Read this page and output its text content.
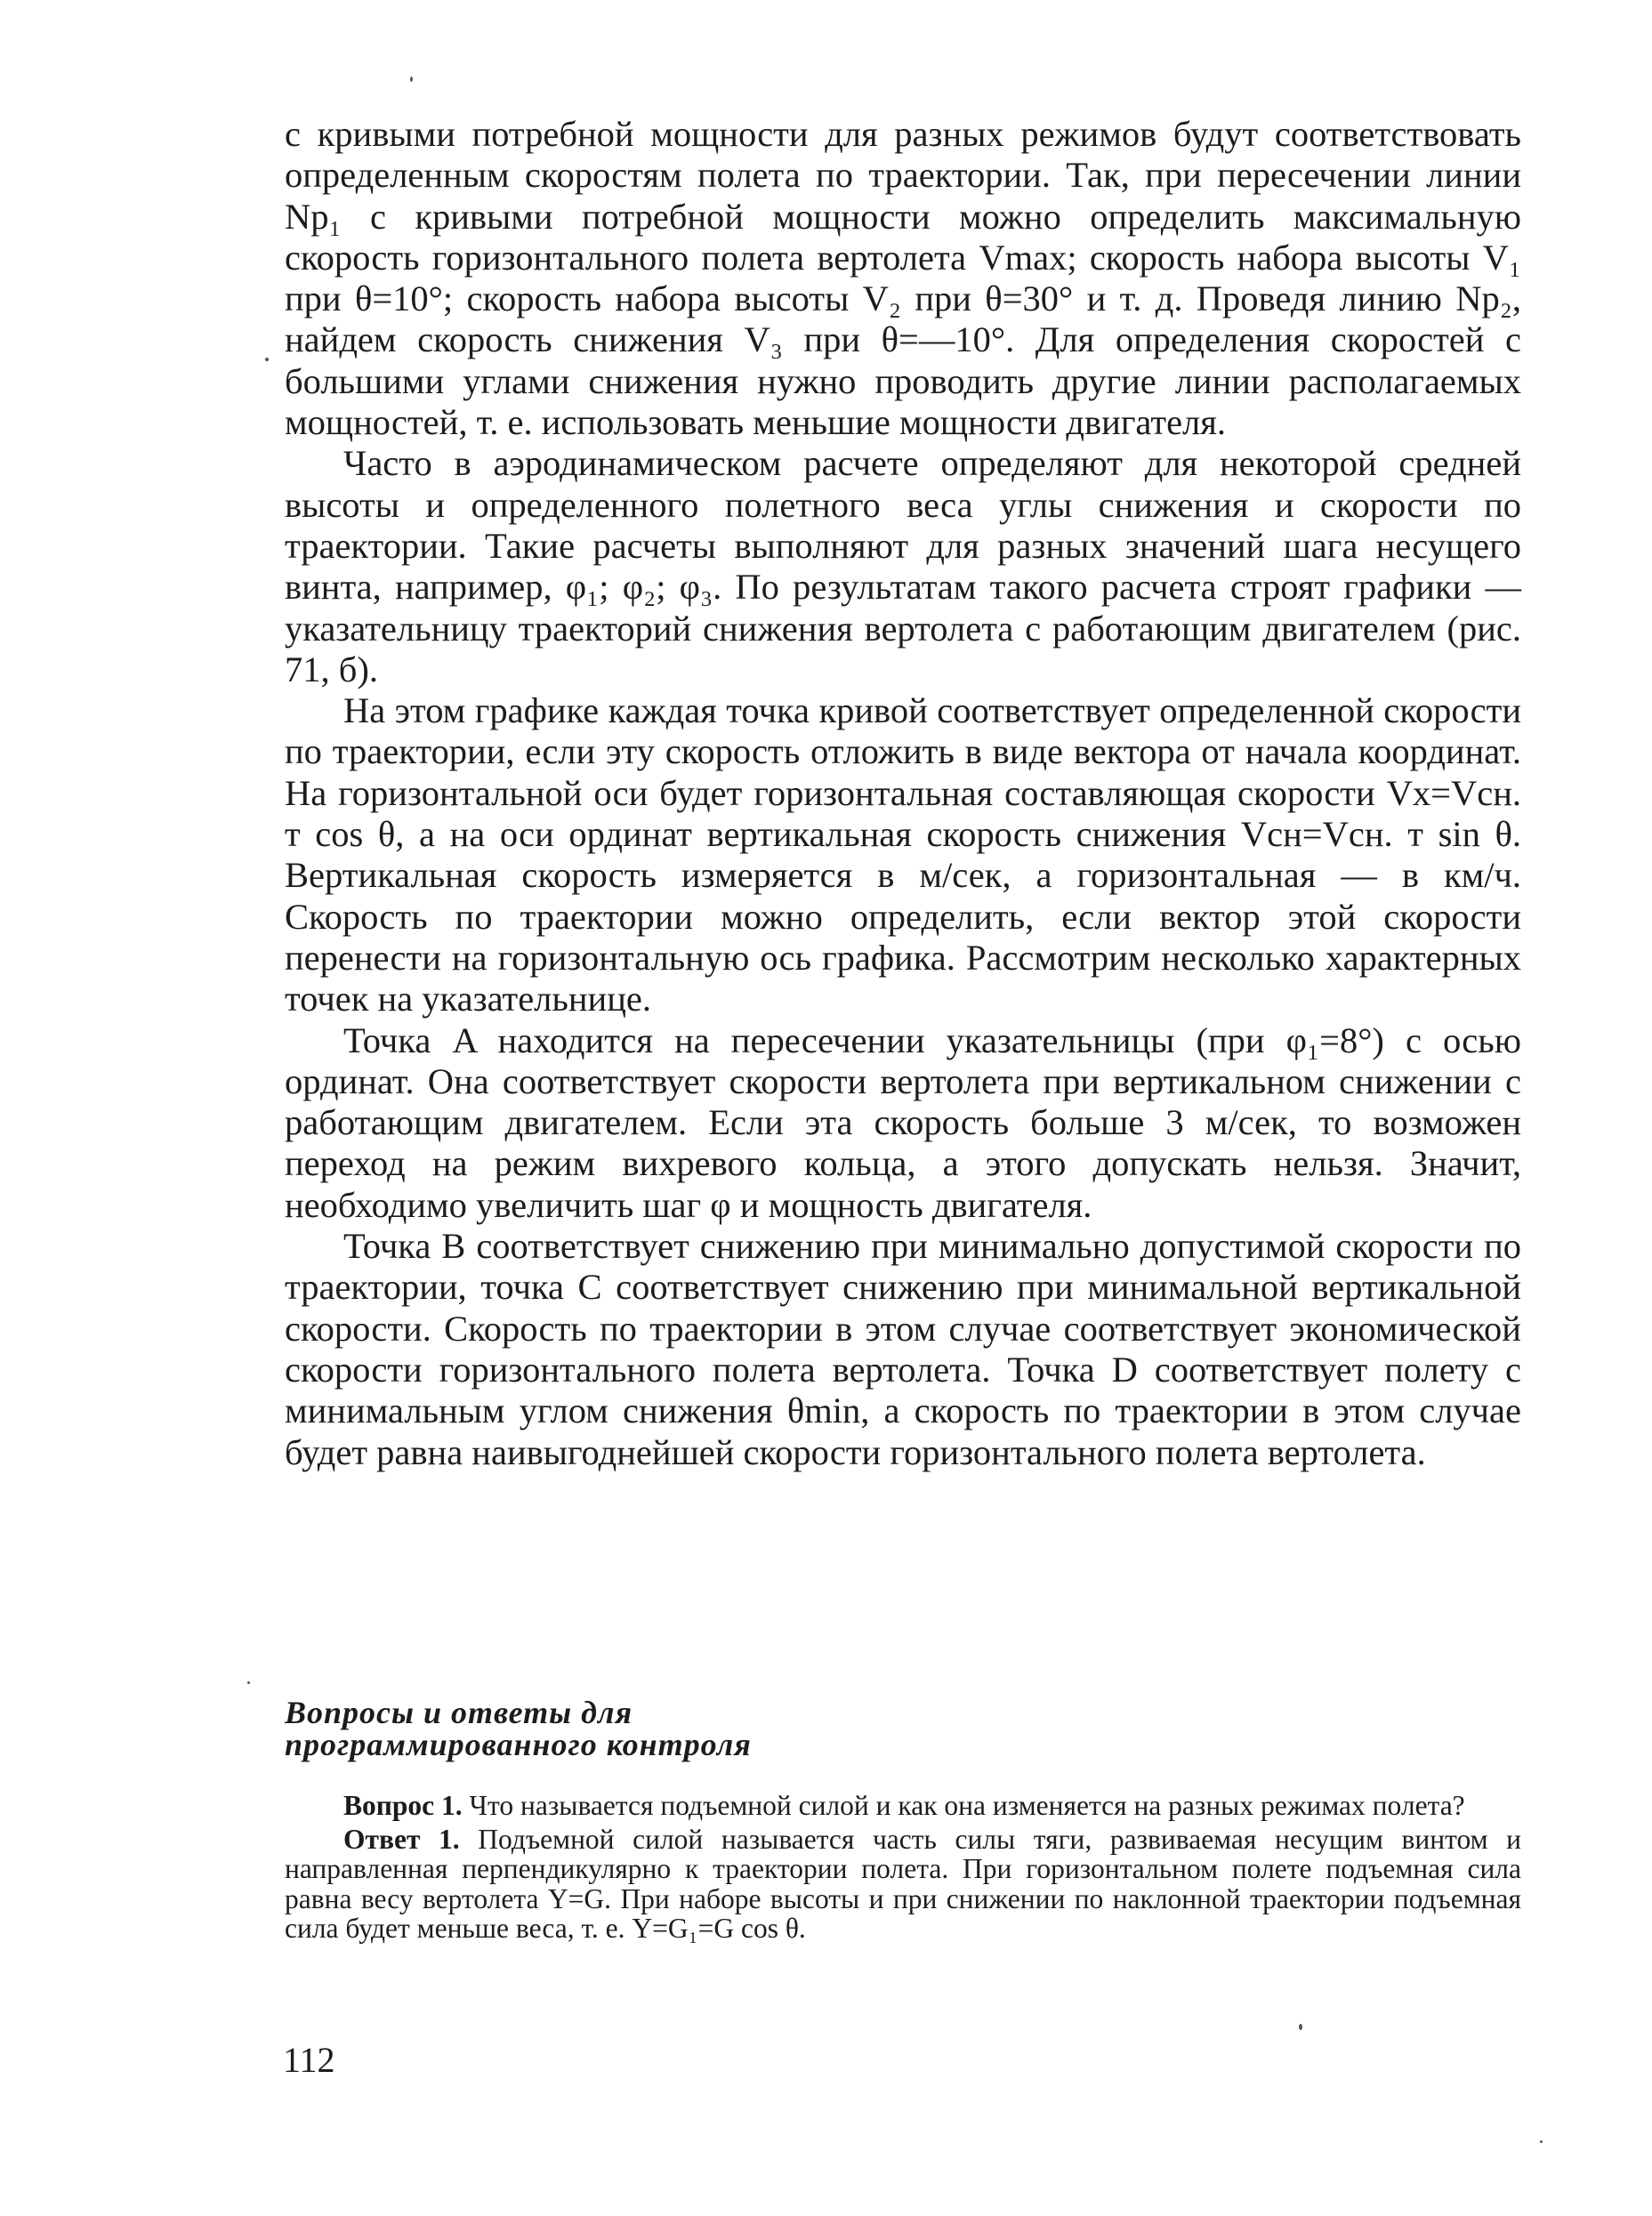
с кривыми потребной мощности для разных режимов будут соответствовать определенным скоростям полета по траектории. Так, при пересечении линии Np₁ с кривыми потребной мощности можно определить максимальную скорость горизонтального полета вертолета Vmax; скорость набора высоты V₁ при θ=10°; скорость набора высоты V₂ при θ=30° и т. д. Проведя линию Np₂, найдем скорость снижения V₃ при θ=—10°. Для определения скоростей с большими углами снижения нужно проводить другие линии располагаемых мощностей, т. е. использовать меньшие мощности двигателя.

Часто в аэродинамическом расчете определяют для некоторой средней высоты и определенного полетного веса углы снижения и скорости по траектории. Такие расчеты выполняют для разных значений шага несущего винта, например, φ₁; φ₂; φ₃. По результатам такого расчета строят графики — указательницу траекторий снижения вертолета с работающим двигателем (рис. 71, б).

На этом графике каждая точка кривой соответствует определенной скорости по траектории, если эту скорость отложить в виде вектора от начала координат. На горизонтальной оси будет горизонтальная составляющая скорости Vx=Vсн. т cos θ, а на оси ординат вертикальная скорость снижения Vсн=Vсн. т sin θ. Вертикальная скорость измеряется в м/сек, а горизонтальная — в км/ч. Скорость по траектории можно определить, если вектор этой скорости перенести на горизонтальную ось графика. Рассмотрим несколько характерных точек на указательнице.

Точка A находится на пересечении указательницы (при φ₁=8°) с осью ординат. Она соответствует скорости вертолета при вертикальном снижении с работающим двигателем. Если эта скорость больше 3 м/сек, то возможен переход на режим вихревого кольца, а этого допускать нельзя. Значит, необходимо увеличить шаг φ и мощность двигателя.

Точка B соответствует снижению при минимально допустимой скорости по траектории, точка C соответствует снижению при минимальной вертикальной скорости. Скорость по траектории в этом случае соответствует экономической скорости горизонтального полета вертолета. Точка D соответствует полету с минимальным углом снижения θmin, а скорость по траектории в этом случае будет равна наивыгоднейшей скорости горизонтального полета вертолета.

Вопросы и ответы для
программированного контроля

Вопрос 1. Что называется подъемной силой и как она изменяется на разных режимах полета?

Ответ 1. Подъемной силой называется часть силы тяги, развиваемая несущим винтом и направленная перпендикулярно к траектории полета. При горизонтальном полете подъемная сила равна весу вертолета Y=G. При наборе высоты и при снижении по наклонной траектории подъемная сила будет меньше веса, т. е. Y=G₁=G cos θ.

112
